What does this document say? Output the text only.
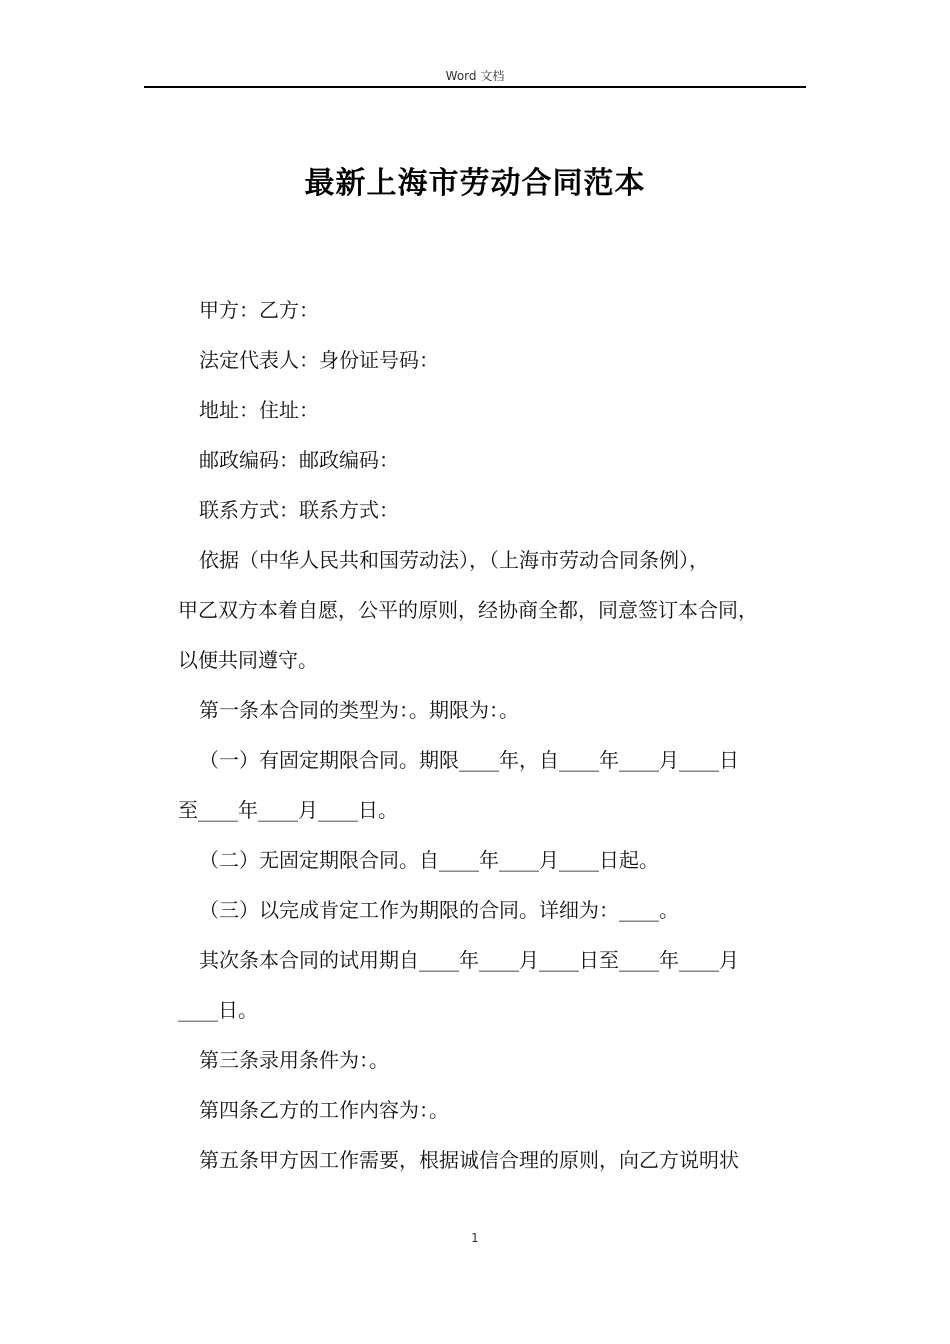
Word 文档
最新上海市劳动合同范本
甲方：乙方：
法定代表人：身份证号码：
地址：住址：
邮政编码：邮政编码：
联系方式：联系方式：
依据（中华人民共和国劳动法），（上海市劳动合同条例），
甲乙双方本着自愿，公平的原则，经协商全都，同意签订本合同，
以便共同遵守。
第一条本合同的类型为：。期限为：。
（一）有固定期限合同。期限____年，自____年____月____日
至____年____月____日。
（二）无固定期限合同。自____年____月____日起。
（三）以完成肯定工作为期限的合同。详细为：____。
其次条本合同的试用期自____年____月____日至____年____月
____日。
第三条录用条件为：。
第四条乙方的工作内容为：。
第五条甲方因工作需要，根据诚信合理的原则，向乙方说明状
1
